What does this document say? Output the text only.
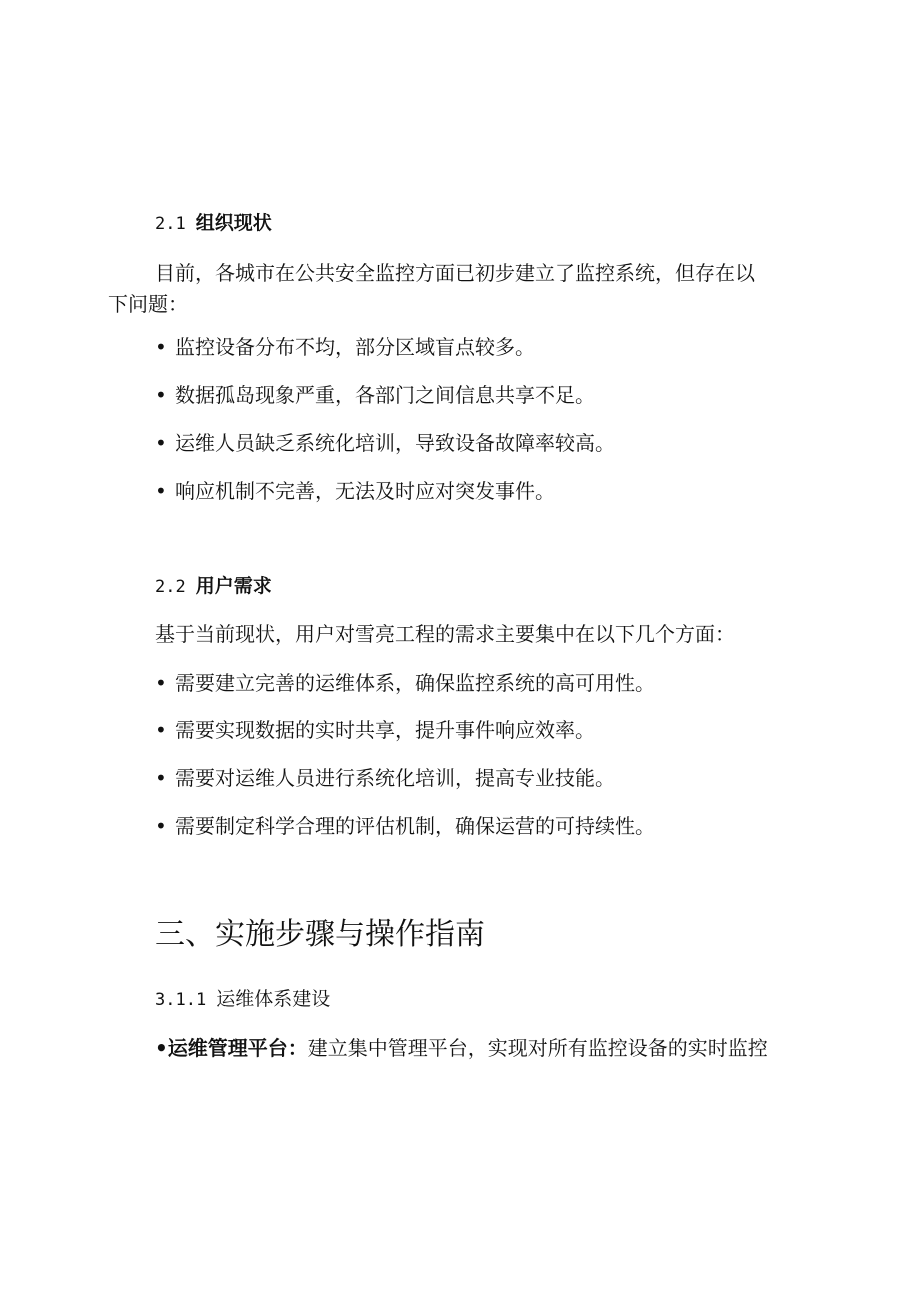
2.1 组织现状
目前，各城市在公共安全监控方面已初步建立了监控系统，但存在以
下问题：
• 监控设备分布不均，部分区域盲点较多。
• 数据孤岛现象严重，各部门之间信息共享不足。
• 运维人员缺乏系统化培训，导致设备故障率较高。
• 响应机制不完善，无法及时应对突发事件。
2.2 用户需求
基于当前现状，用户对雪亮工程的需求主要集中在以下几个方面：
• 需要建立完善的运维体系，确保监控系统的高可用性。
• 需要实现数据的实时共享，提升事件响应效率。
• 需要对运维人员进行系统化培训，提高专业技能。
• 需要制定科学合理的评估机制，确保运营的可持续性。
三、实施步骤与操作指南
3.1.1 运维体系建设
•运维管理平台：建立集中管理平台，实现对所有监控设备的实时监控
